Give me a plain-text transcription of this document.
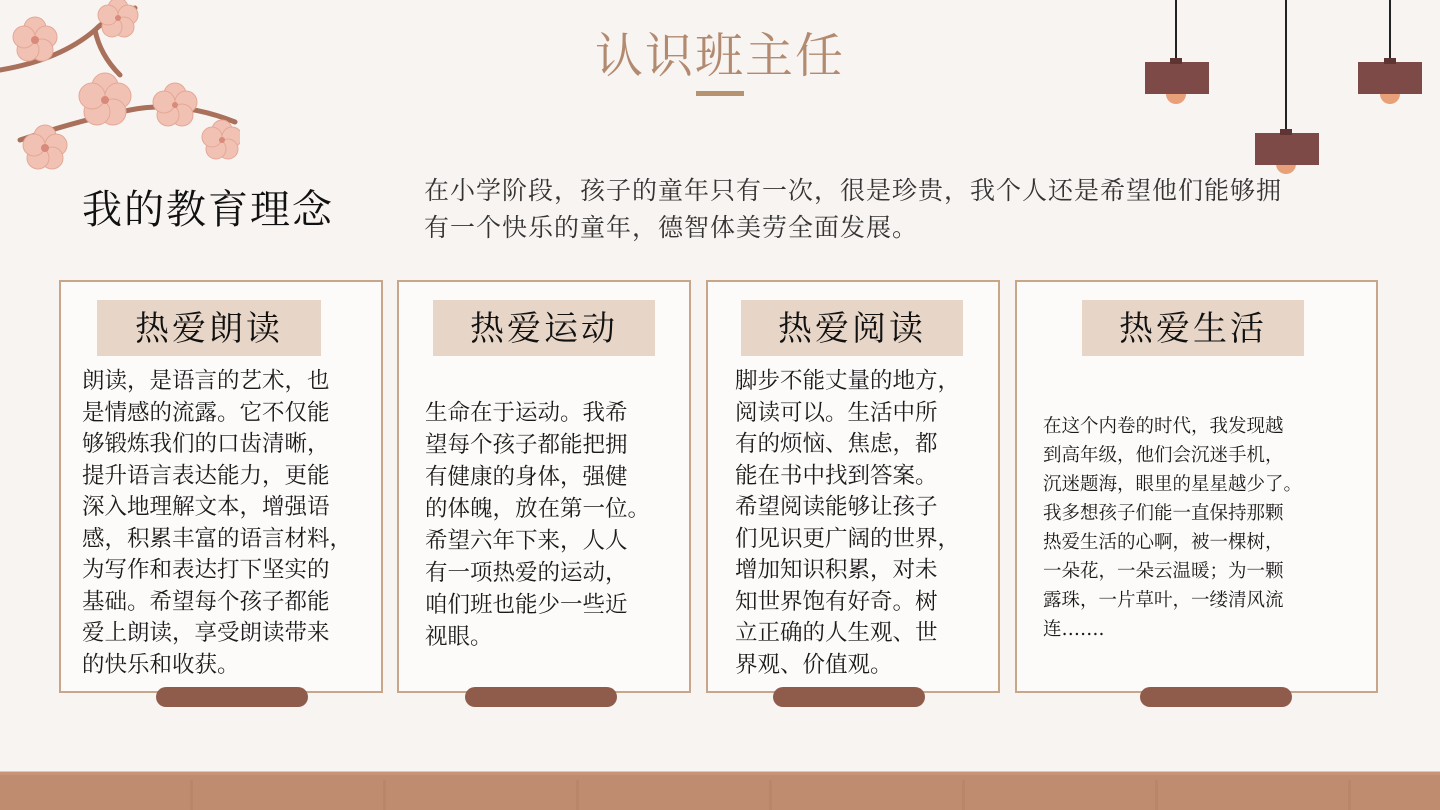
认识班主任
我的教育理念	在小学阶段，孩子的童年只有一次，很是珍贵，我个人还是希望他们能够拥有一个快乐的童年，德智体美劳全面发展。
热爱朗读
朗读，是语言的艺术，也
是情感的流露。它不仅能
够锻炼我们的口齿清晰，
提升语言表达能力，更能
深入地理解文本，增强语
感，积累丰富的语言材料，
为写作和表达打下坚实的
基础。希望每个孩子都能
爱上朗读，享受朗读带来
的快乐和收获。
热爱运动
生命在于运动。我希
望每个孩子都能把拥
有健康的身体，强健
的体魄，放在第一位。
希望六年下来，人人
有一项热爱的运动，
咱们班也能少一些近
视眼。
热爱阅读
脚步不能丈量的地方，
阅读可以。生活中所
有的烦恼、焦虑，都
能在书中找到答案。
希望阅读能够让孩子
们见识更广阔的世界，
增加知识积累，对未
知世界饱有好奇。树
立正确的人生观、世
界观、价值观。
热爱生活
在这个内卷的时代，我发现越
到高年级，他们会沉迷手机，
沉迷题海，眼里的星星越少了。
我多想孩子们能一直保持那颗
热爱生活的心啊，被一棵树，
一朵花，一朵云温暖；为一颗
露珠，一片草叶，一缕清风流
连…….
